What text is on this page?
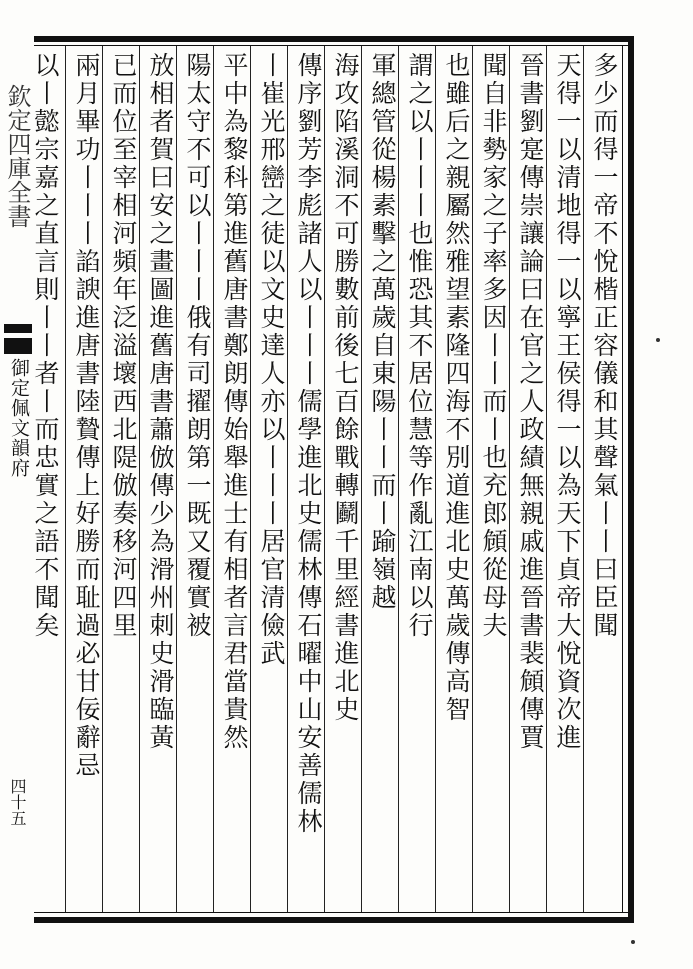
欽定四庫全書
御定佩文韻府
四十五
多少而得一帝不悅楷正容儀和其聲氣丨丨曰臣聞
天得一以清地得一以寧王侯得一以為天下貞帝大悅資次進
晉書劉寔傳崇讓論曰在官之人政績無親戚進晉書裴頠傳賈
聞自非勢家之子率多因丨丨而丨也充郎頠從母夫
也雖后之親屬然雅望素隆四海不別道進北史萬歲傳高智
謂之以丨丨丨也惟恐其不居位慧等作亂江南以行
軍總管從楊素擊之萬歲自東陽丨丨而丨踰嶺越
海攻陷溪洞不可勝數前後七百餘戰轉鬬千里經書進北史
傳序劉芳李彪諸人以丨丨丨儒學進北史儒林傳石曜中山安善儒林
丨崔光邢巒之徒以文史達人亦以丨丨丨居官清儉武
平中為黎科第進舊唐書鄭朗傳始舉進士有相者言君當貴然
陽太守不可以丨丨丨俄有司擢朗第一既又覆實被
放相者賀曰安之畫圖進舊唐書蕭倣傳少為滑州刺史滑臨黃
已而位至宰相河頻年泛溢壞西北隄倣奏移河四里
兩月畢功丨丨丨諂諛進唐書陸贄傳上好勝而耻過必甘佞辭忌
以丨懿宗嘉之直言則丨丨者丨而忠實之語不聞矣
